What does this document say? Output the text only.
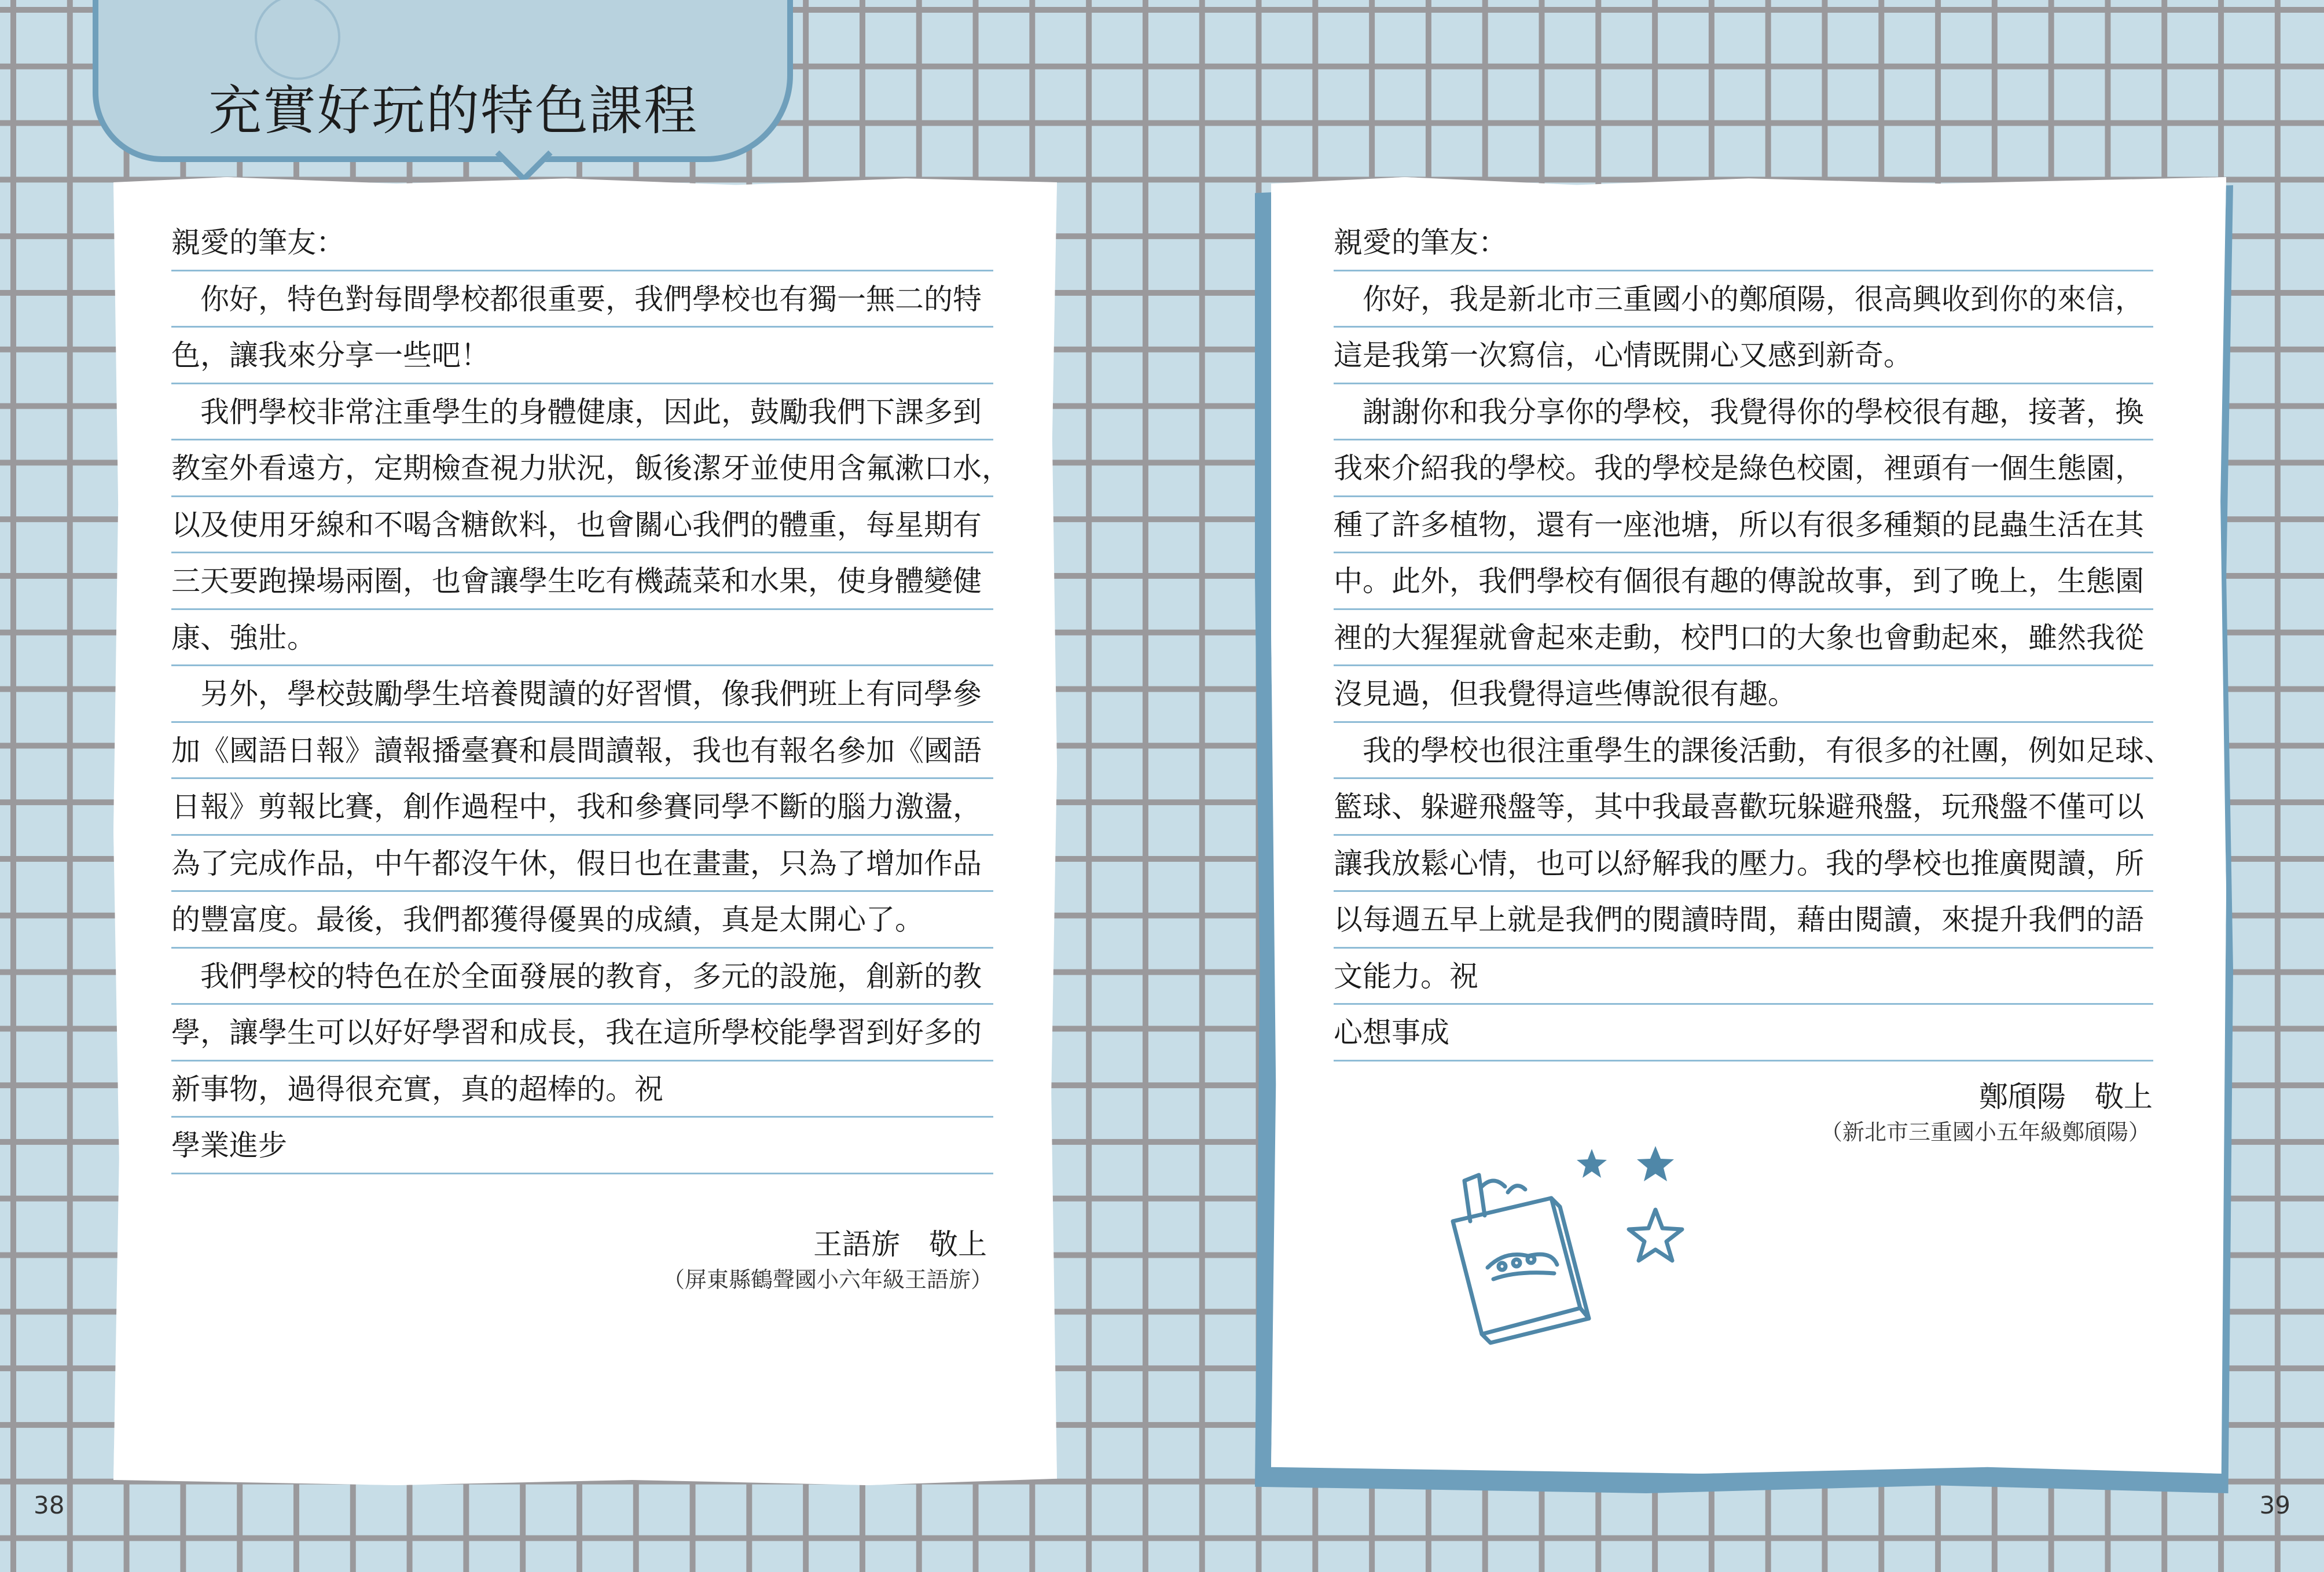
充實好玩的特色課程
親愛的筆友：
你好，特色對每間學校都很重要，我們學校也有獨一無二的特
色，讓我來分享一些吧！
我們學校非常注重學生的身體健康，因此，鼓勵我們下課多到
教室外看遠方，定期檢查視力狀況，飯後潔牙並使用含氟漱口水，
以及使用牙線和不喝含糖飲料，也會關心我們的體重，每星期有
三天要跑操場兩圈，也會讓學生吃有機蔬菜和水果，使身體變健
康、強壯。
另外，學校鼓勵學生培養閱讀的好習慣，像我們班上有同學參
加《國語日報》讀報播臺賽和晨間讀報，我也有報名參加《國語
日報》剪報比賽，創作過程中，我和參賽同學不斷的腦力激盪，
為了完成作品，中午都沒午休，假日也在畫畫，只為了增加作品
的豐富度。最後，我們都獲得優異的成績，真是太開心了。
我們學校的特色在於全面發展的教育，多元的設施，創新的教
學，讓學生可以好好學習和成長，我在這所學校能學習到好多的
新事物，過得很充實，真的超棒的。祝
學業進步
王語旂　敬上
（屏東縣鶴聲國小六年級王語旂）
親愛的筆友：
你好，我是新北市三重國小的鄭頎陽，很高興收到你的來信，
這是我第一次寫信，心情既開心又感到新奇。
謝謝你和我分享你的學校，我覺得你的學校很有趣，接著，換
我來介紹我的學校。我的學校是綠色校園，裡頭有一個生態園，
種了許多植物，還有一座池塘，所以有很多種類的昆蟲生活在其
中。此外，我們學校有個很有趣的傳說故事，到了晚上，生態園
裡的大猩猩就會起來走動，校門口的大象也會動起來，雖然我從
沒見過，但我覺得這些傳說很有趣。
我的學校也很注重學生的課後活動，有很多的社團，例如足球、
籃球、躲避飛盤等，其中我最喜歡玩躲避飛盤，玩飛盤不僅可以
讓我放鬆心情，也可以紓解我的壓力。我的學校也推廣閱讀，所
以每週五早上就是我們的閱讀時間，藉由閱讀，來提升我們的語
文能力。祝
心想事成
鄭頎陽　敬上
（新北市三重國小五年級鄭頎陽）
38	39
